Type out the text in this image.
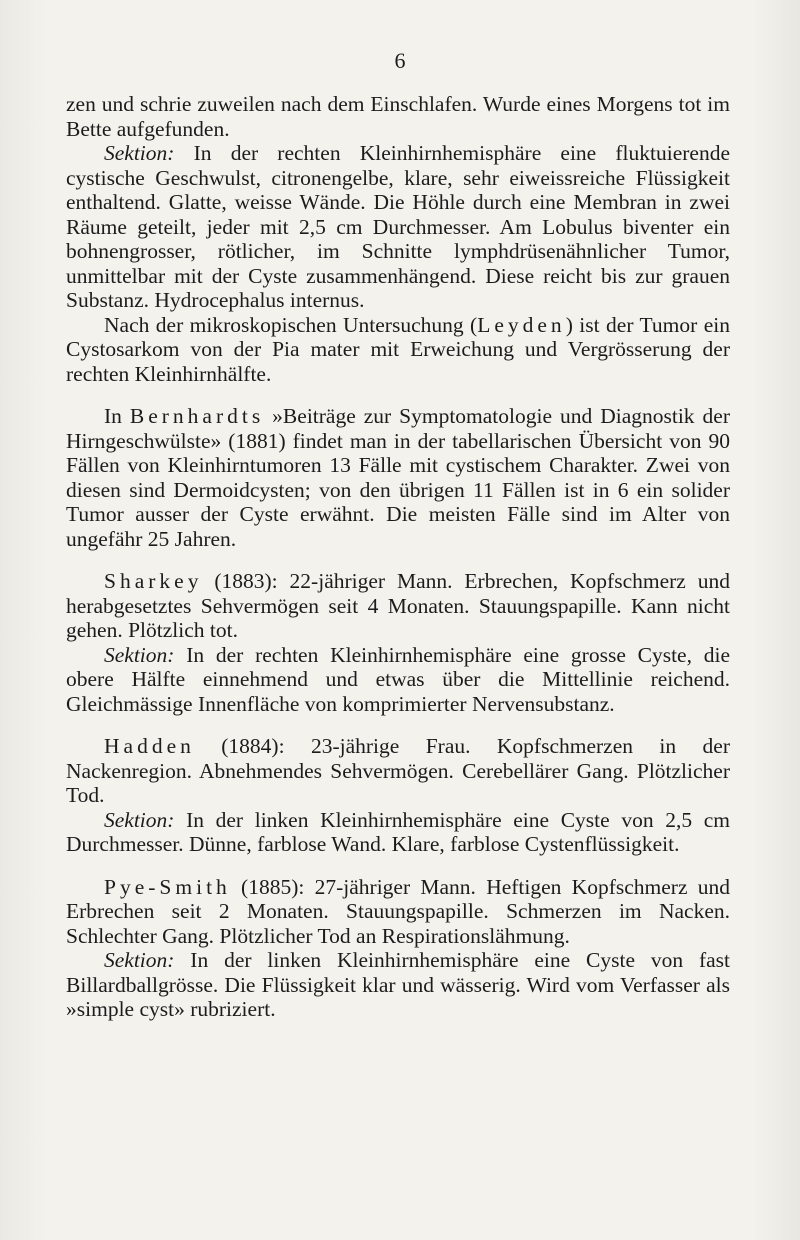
6

zen und schrie zuweilen nach dem Einschlafen. Wurde eines Morgens tot im Bette aufgefunden.

Sektion: In der rechten Kleinhirnhemisphäre eine fluktuierende cystische Geschwulst, citronengelbe, klare, sehr eiweissreiche Flüssigkeit enthaltend. Glatte, weisse Wände. Die Höhle durch eine Membran in zwei Räume geteilt, jeder mit 2,5 cm Durchmesser. Am Lobulus biventer ein bohnengrosser, rötlicher, im Schnitte lymphdrüsenähnlicher Tumor, unmittelbar mit der Cyste zusammenhängend. Diese reicht bis zur grauen Substanz. Hydrocephalus internus.

Nach der mikroskopischen Untersuchung (Leyden) ist der Tumor ein Cystosarkom von der Pia mater mit Erweichung und Vergrösserung der rechten Kleinhirnhälfte.

In Bernhardts »Beiträge zur Symptomatologie und Diagnostik der Hirngeschwülste» (1881) findet man in der tabellarischen Übersicht von 90 Fällen von Kleinhirntumoren 13 Fälle mit cystischem Charakter. Zwei von diesen sind Dermoidcysten; von den übrigen 11 Fällen ist in 6 ein solider Tumor ausser der Cyste erwähnt. Die meisten Fälle sind im Alter von ungefähr 25 Jahren.

Sharkey (1883): 22-jähriger Mann. Erbrechen, Kopfschmerz und herabgesetztes Sehvermögen seit 4 Monaten. Stauungspapille. Kann nicht gehen. Plötzlich tot.

Sektion: In der rechten Kleinhirnhemisphäre eine grosse Cyste, die obere Hälfte einnehmend und etwas über die Mittellinie reichend. Gleichmässige Innenfläche von komprimierter Nervensubstanz.

Hadden (1884): 23-jährige Frau. Kopfschmerzen in der Nackenregion. Abnehmendes Sehvermögen. Cerebellärer Gang. Plötzlicher Tod.

Sektion: In der linken Kleinhirnhemisphäre eine Cyste von 2,5 cm Durchmesser. Dünne, farblose Wand. Klare, farblose Cystenflüssigkeit.

Pye-Smith (1885): 27-jähriger Mann. Heftigen Kopfschmerz und Erbrechen seit 2 Monaten. Stauungspapille. Schmerzen im Nacken. Schlechter Gang. Plötzlicher Tod an Respirationslähmung.

Sektion: In der linken Kleinhirnhemisphäre eine Cyste von fast Billardballgrösse. Die Flüssigkeit klar und wässerig. Wird vom Verfasser als »simple cyst» rubriziert.
